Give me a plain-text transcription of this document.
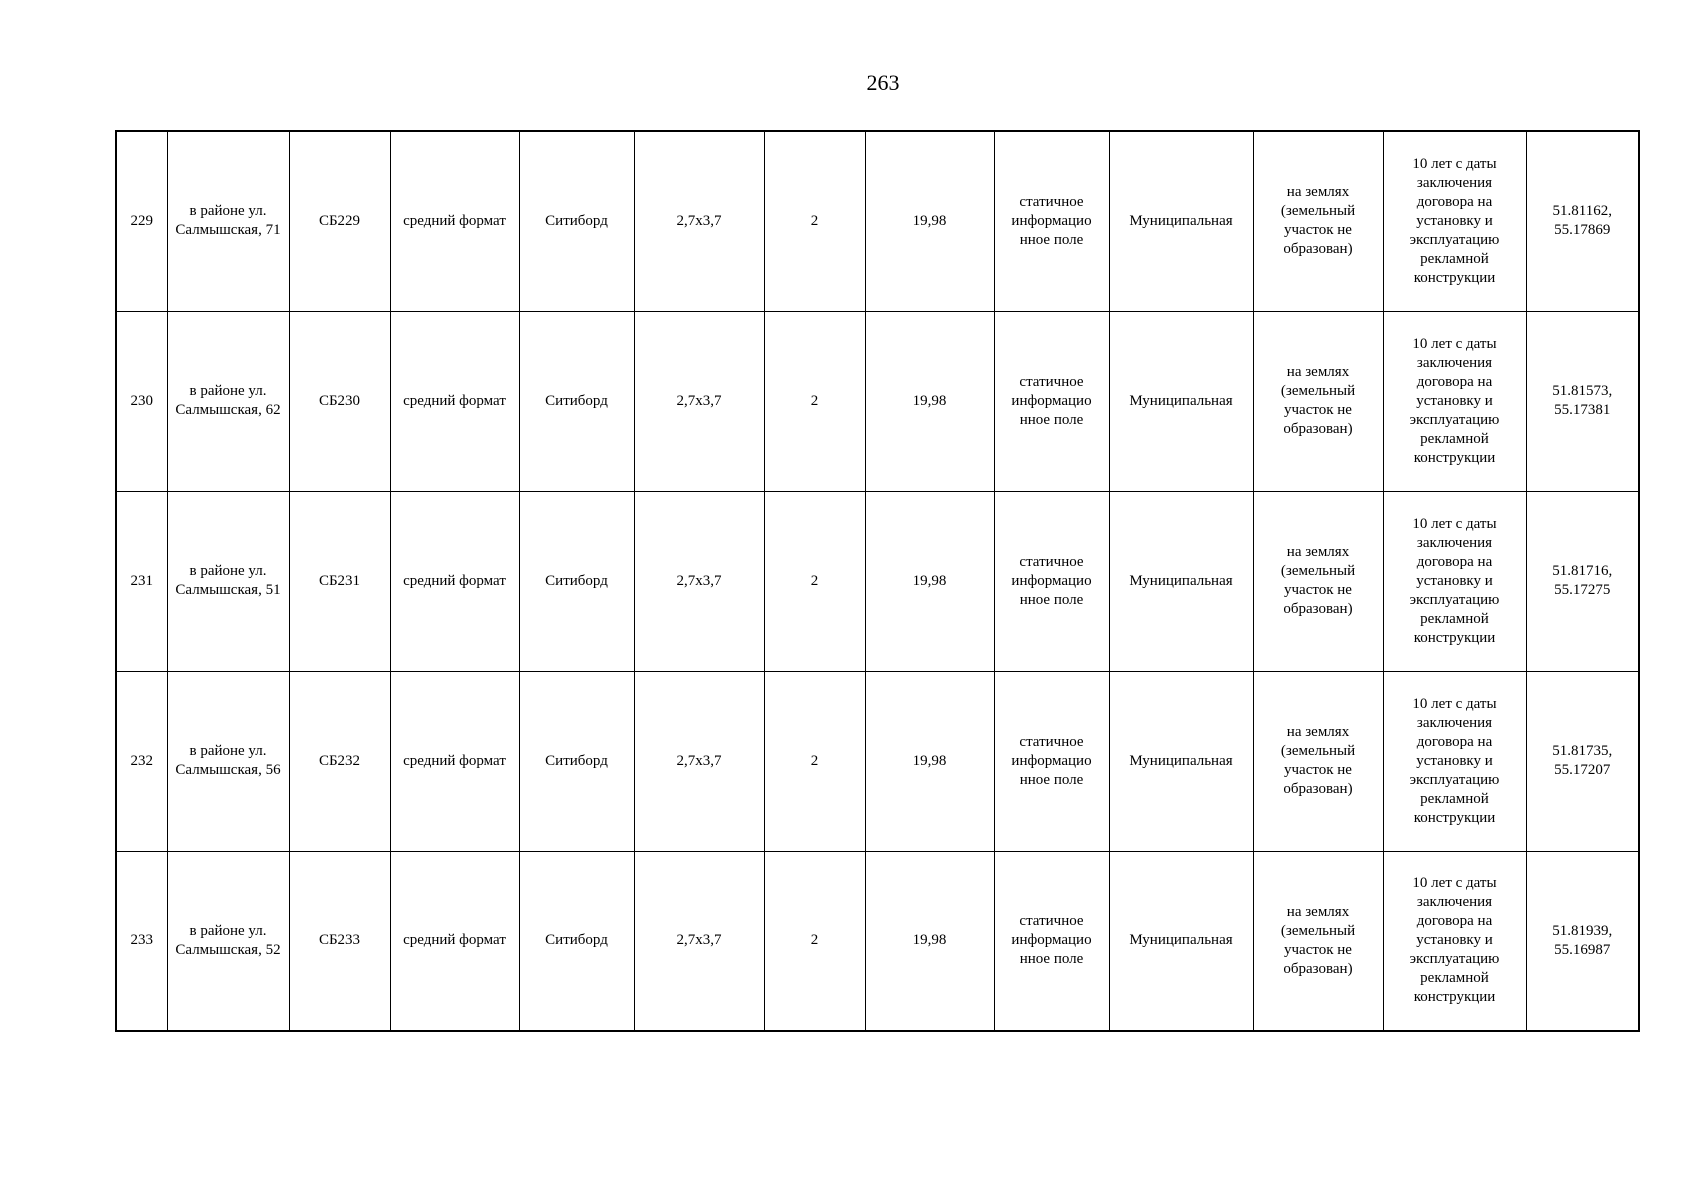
263
229	в районе ул. Салмышская, 71	СБ229	средний формат	Ситиборд	2,7x3,7	2	19,98	статичное информацио нное поле	Муниципальная	на землях (земельный участок не образован)	10 лет с даты заключения договора на установку и эксплуатацию рекламной конструкции	51.81162, 55.17869
230	в районе ул. Салмышская, 62	СБ230	средний формат	Ситиборд	2,7x3,7	2	19,98	статичное информацио нное поле	Муниципальная	на землях (земельный участок не образован)	10 лет с даты заключения договора на установку и эксплуатацию рекламной конструкции	51.81573, 55.17381
231	в районе ул. Салмышская, 51	СБ231	средний формат	Ситиборд	2,7x3,7	2	19,98	статичное информацио нное поле	Муниципальная	на землях (земельный участок не образован)	10 лет с даты заключения договора на установку и эксплуатацию рекламной конструкции	51.81716, 55.17275
232	в районе ул. Салмышская, 56	СБ232	средний формат	Ситиборд	2,7x3,7	2	19,98	статичное информацио нное поле	Муниципальная	на землях (земельный участок не образован)	10 лет с даты заключения договора на установку и эксплуатацию рекламной конструкции	51.81735, 55.17207
233	в районе ул. Салмышская, 52	СБ233	средний формат	Ситиборд	2,7x3,7	2	19,98	статичное информацио нное поле	Муниципальная	на землях (земельный участок не образован)	10 лет с даты заключения договора на установку и эксплуатацию рекламной конструкции	51.81939, 55.16987
